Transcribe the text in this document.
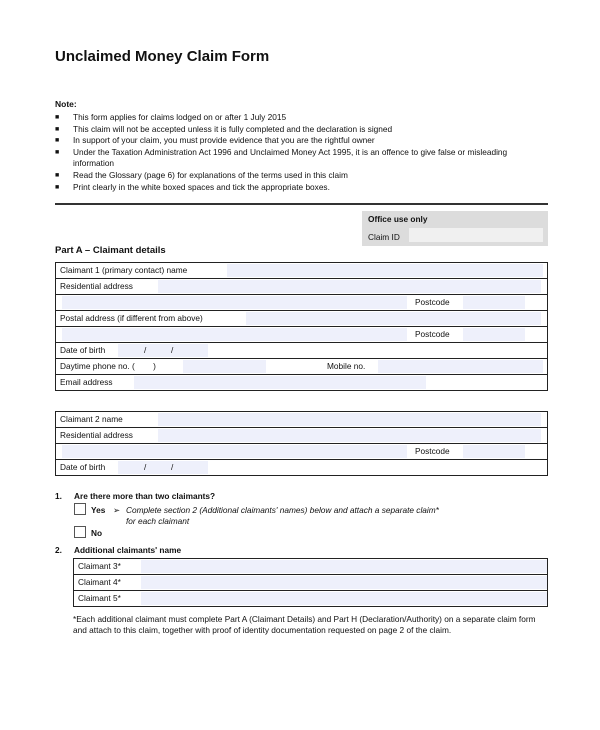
Unclaimed Money Claim Form
Note:
■	This form applies for claims lodged on or after 1 July 2015
■	This claim will not be accepted unless it is fully completed and the declaration is signed
■	In support of your claim, you must provide evidence that you are the rightful owner
■	Under the Taxation Administration Act 1996 and Unclaimed Money Act 1995, it is an offence to give false or misleading information
■	Read the Glossary (page 6) for explanations of the terms used in this claim
■	Print clearly in the white boxed spaces and tick the appropriate boxes.
Office use only
Claim ID
Part A – Claimant details
Claimant 1 (primary contact) name

Residential address

Postcode

Postal address (if different from above)

Postcode

Date of birth	/	/

Daytime phone no. (        )	Mobile no.

Email address
Claimant 2 name

Residential address

Postcode

Date of birth	/	/
1. Are there more than two claimants?
Yes ➢ Complete section 2 (Additional claimants' names) below and attach a separate claim*
for each claimant
No
2. Additional claimants' name
Claimant 3*

Claimant 4*

Claimant 5*
*Each additional claimant must complete Part A (Claimant Details) and Part H (Declaration/Authority) on a separate claim form and attach to this claim, together with proof of identity documentation requested on page 2 of the claim.
